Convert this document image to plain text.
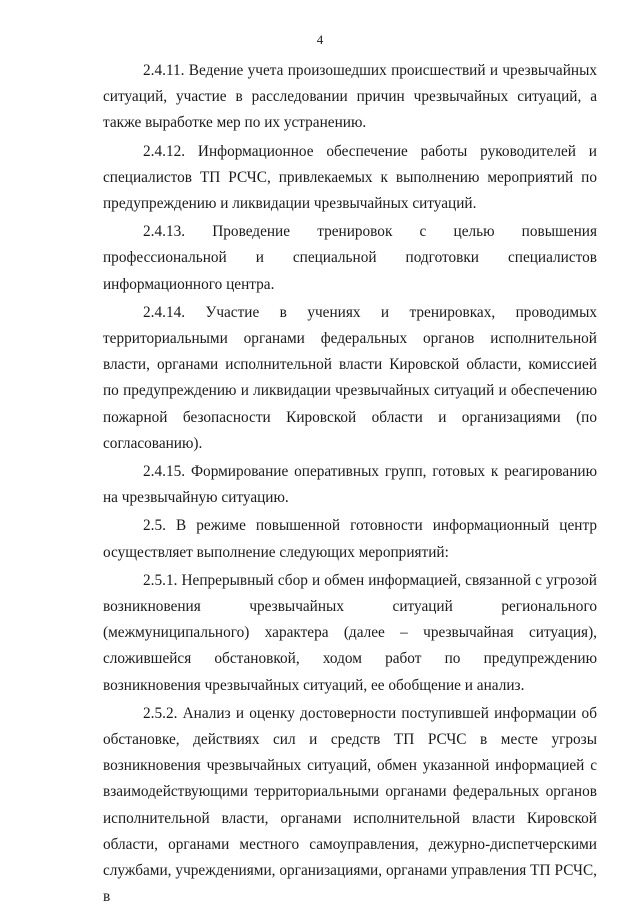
4

2.4.11. Ведение учета произошедших происшествий и чрезвычайных ситуаций, участие в расследовании причин чрезвычайных ситуаций, а также выработке мер по их устранению.

2.4.12. Информационное обеспечение работы руководителей и специалистов ТП РСЧС, привлекаемых к выполнению мероприятий по предупреждению и ликвидации чрезвычайных ситуаций.

2.4.13. Проведение тренировок с целью повышения профессиональной и специальной подготовки специалистов информационного центра.

2.4.14. Участие в учениях и тренировках, проводимых территориальными органами федеральных органов исполнительной власти, органами исполнительной власти Кировской области, комиссией по предупреждению и ликвидации чрезвычайных ситуаций и обеспечению пожарной безопасности Кировской области и организациями (по согласованию).

2.4.15. Формирование оперативных групп, готовых к реагированию на чрезвычайную ситуацию.

2.5. В режиме повышенной готовности информационный центр осуществляет выполнение следующих мероприятий:

2.5.1. Непрерывный сбор и обмен информацией, связанной с угрозой возникновения чрезвычайных ситуаций регионального (межмуниципального) характера (далее – чрезвычайная ситуация), сложившейся обстановкой, ходом работ по предупреждению возникновения чрезвычайных ситуаций, ее обобщение и анализ.

2.5.2. Анализ и оценку достоверности поступившей информации об обстановке, действиях сил и средств ТП РСЧС в месте угрозы возникновения чрезвычайных ситуаций, обмен указанной информацией с взаимодействующими территориальными органами федеральных органов исполнительной власти, органами исполнительной власти Кировской области, органами местного самоуправления, дежурно-диспетчерскими службами, учреждениями, организациями, органами управления ТП РСЧС, в
